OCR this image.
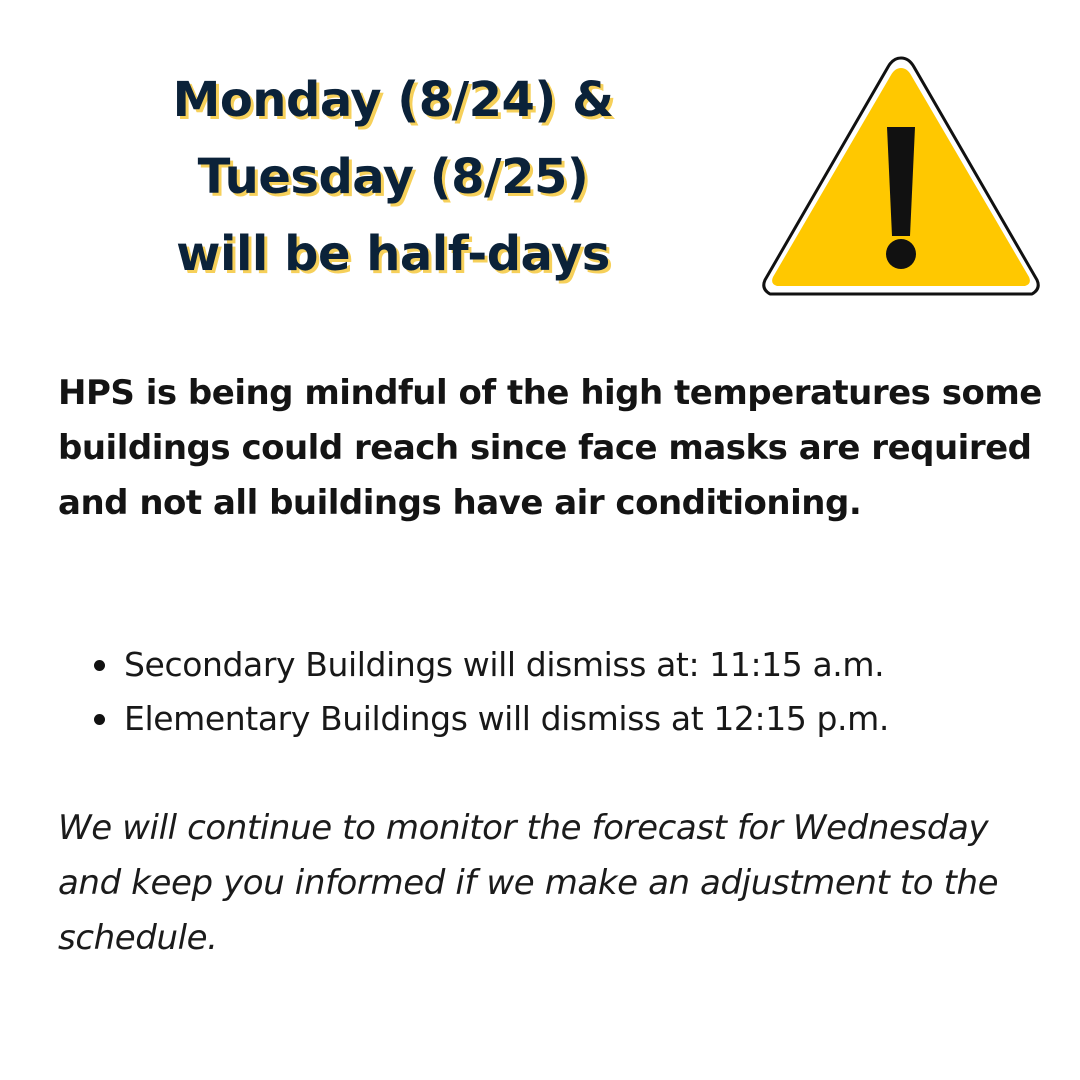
Monday (8/24) &
Tuesday (8/25)
will be half-days

HPS is being mindful of the high temperatures some buildings could reach since face masks are required and not all buildings have air conditioning.

Secondary Buildings will dismiss at: 11:15 a.m.
Elementary Buildings will dismiss at 12:15 p.m.

We will continue to monitor the forecast for Wednesday and keep you informed if we make an adjustment to the schedule.
